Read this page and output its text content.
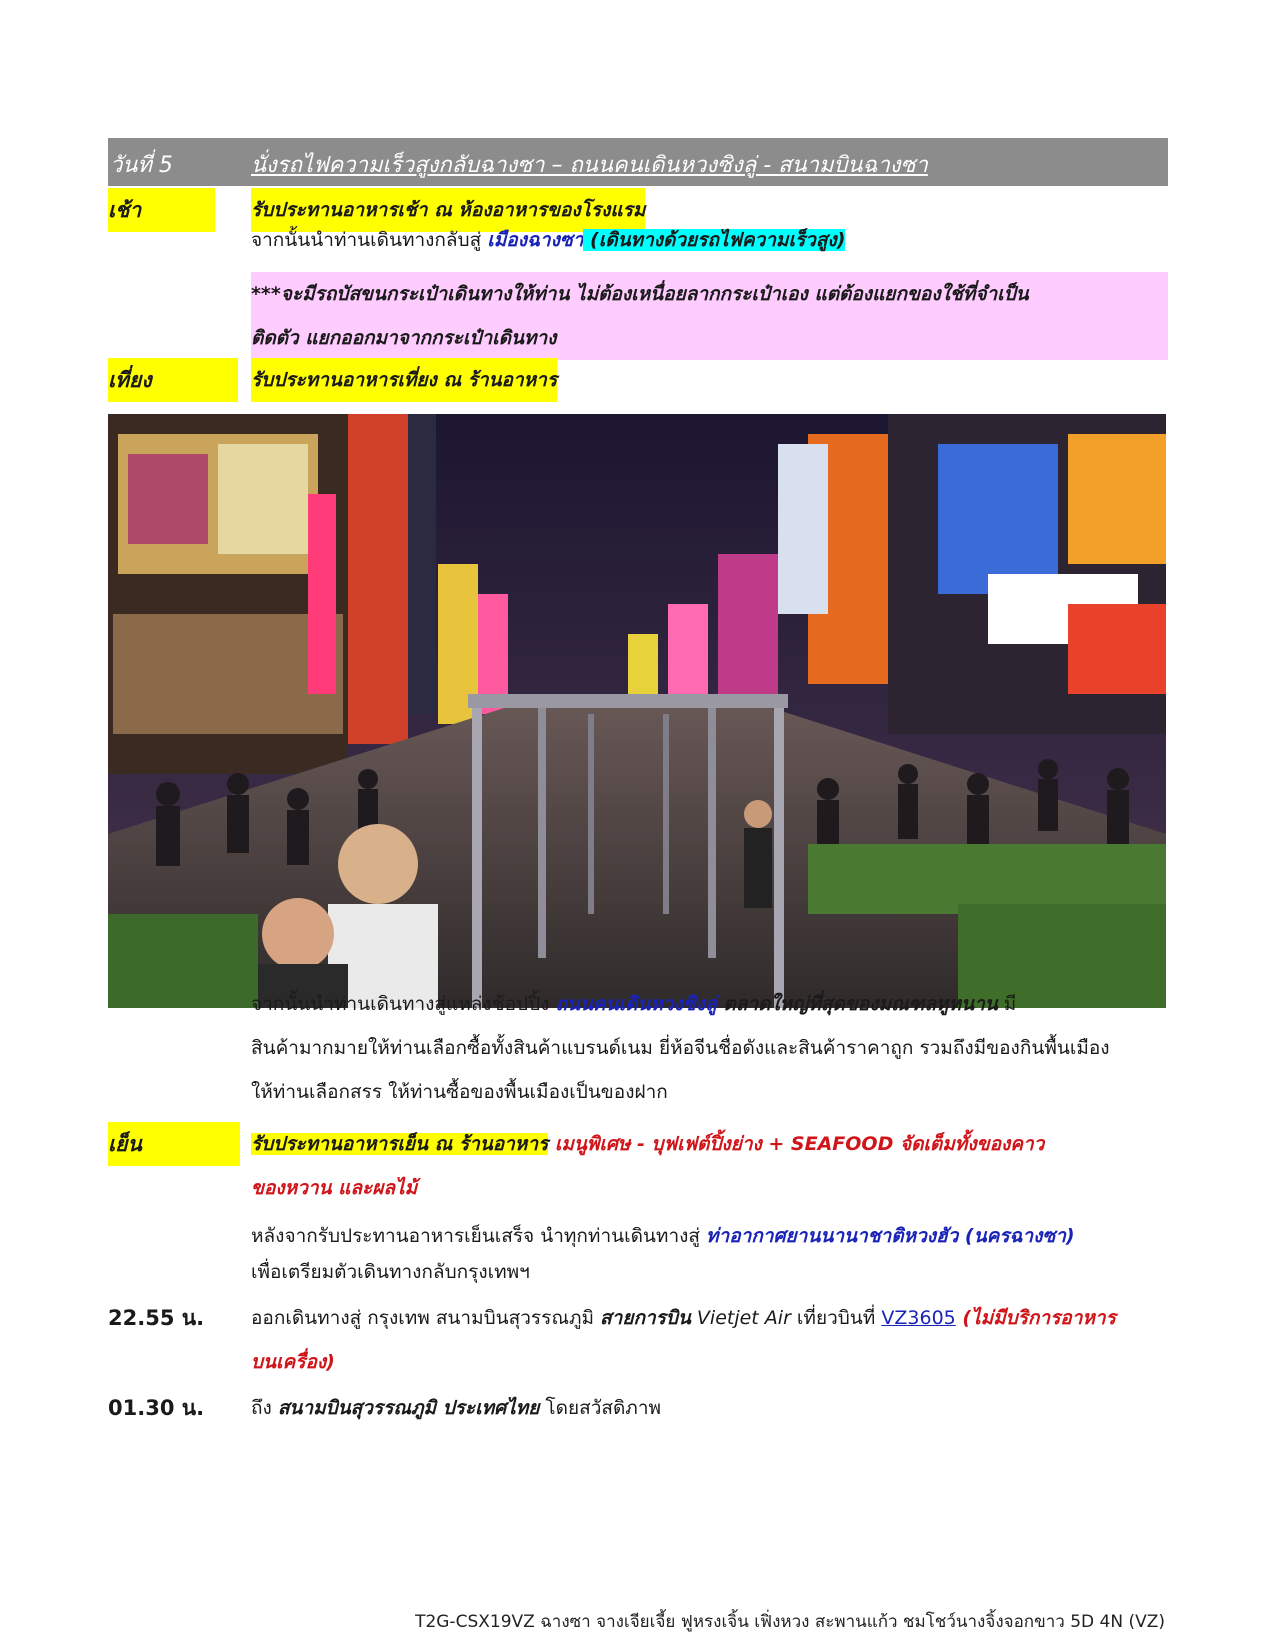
วันที่ 5	นั่งรถไฟความเร็วสูงกลับฉางซา – ถนนคนเดินหวงซิงลู่ - สนามบินฉางซา
เช้า	รับประทานอาหารเช้า ณ ห้องอาหารของโรงแรม
จากนั้นนำท่านเดินทางกลับสู่ เมืองฉางซา (เดินทางด้วยรถไฟความเร็วสูง)
***จะมีรถบัสขนกระเป๋าเดินทางให้ท่าน ไม่ต้องเหนื่อยลากกระเป๋าเอง แต่ต้องแยกของใช้ที่จำเป็น
ติดตัว แยกออกมาจากกระเป๋าเดินทาง
เที่ยง	รับประทานอาหารเที่ยง ณ ร้านอาหาร
จากนั้นนำท่านเดินทางสู่แหล่งช้อปปิ้ง ถนนคนเดินหวงซิงลู่ ตลาดใหญ่ที่สุดของมณฑลหูหนาน มี
สินค้ามากมายให้ท่านเลือกซื้อทั้งสินค้าแบรนด์เนม ยี่ห้อจีนชื่อดังและสินค้าราคาถูก รวมถึงมีของกินพื้นเมือง
ให้ท่านเลือกสรร ให้ท่านซื้อของพื้นเมืองเป็นของฝาก
เย็น	รับประทานอาหารเย็น ณ ร้านอาหาร เมนูพิเศษ - บุฟเฟต์ปิ้งย่าง + SEAFOOD จัดเต็มทั้งของคาว
ของหวาน และผลไม้
หลังจากรับประทานอาหารเย็นเสร็จ นำทุกท่านเดินทางสู่ ท่าอากาศยานนานาชาติหวงฮัว (นครฉางซา)
เพื่อเตรียมตัวเดินทางกลับกรุงเทพฯ
22.55 น. ออกเดินทางสู่ กรุงเทพ สนามบินสุวรรณภูมิ สายการบิน Vietjet Air เที่ยวบินที่ VZ3605 (ไม่มีบริการอาหาร
บนเครื่อง)
01.30 น. ถึง สนามบินสุวรรณภูมิ ประเทศไทย โดยสวัสดิภาพ
T2G-CSX19VZ ฉางซา จางเจียเจี้ย ฟูหรงเจิ้น เฟิ่งหวง สะพานแก้ว ชมโชว์นางจิ้งจอกขาว 5D 4N (VZ)
